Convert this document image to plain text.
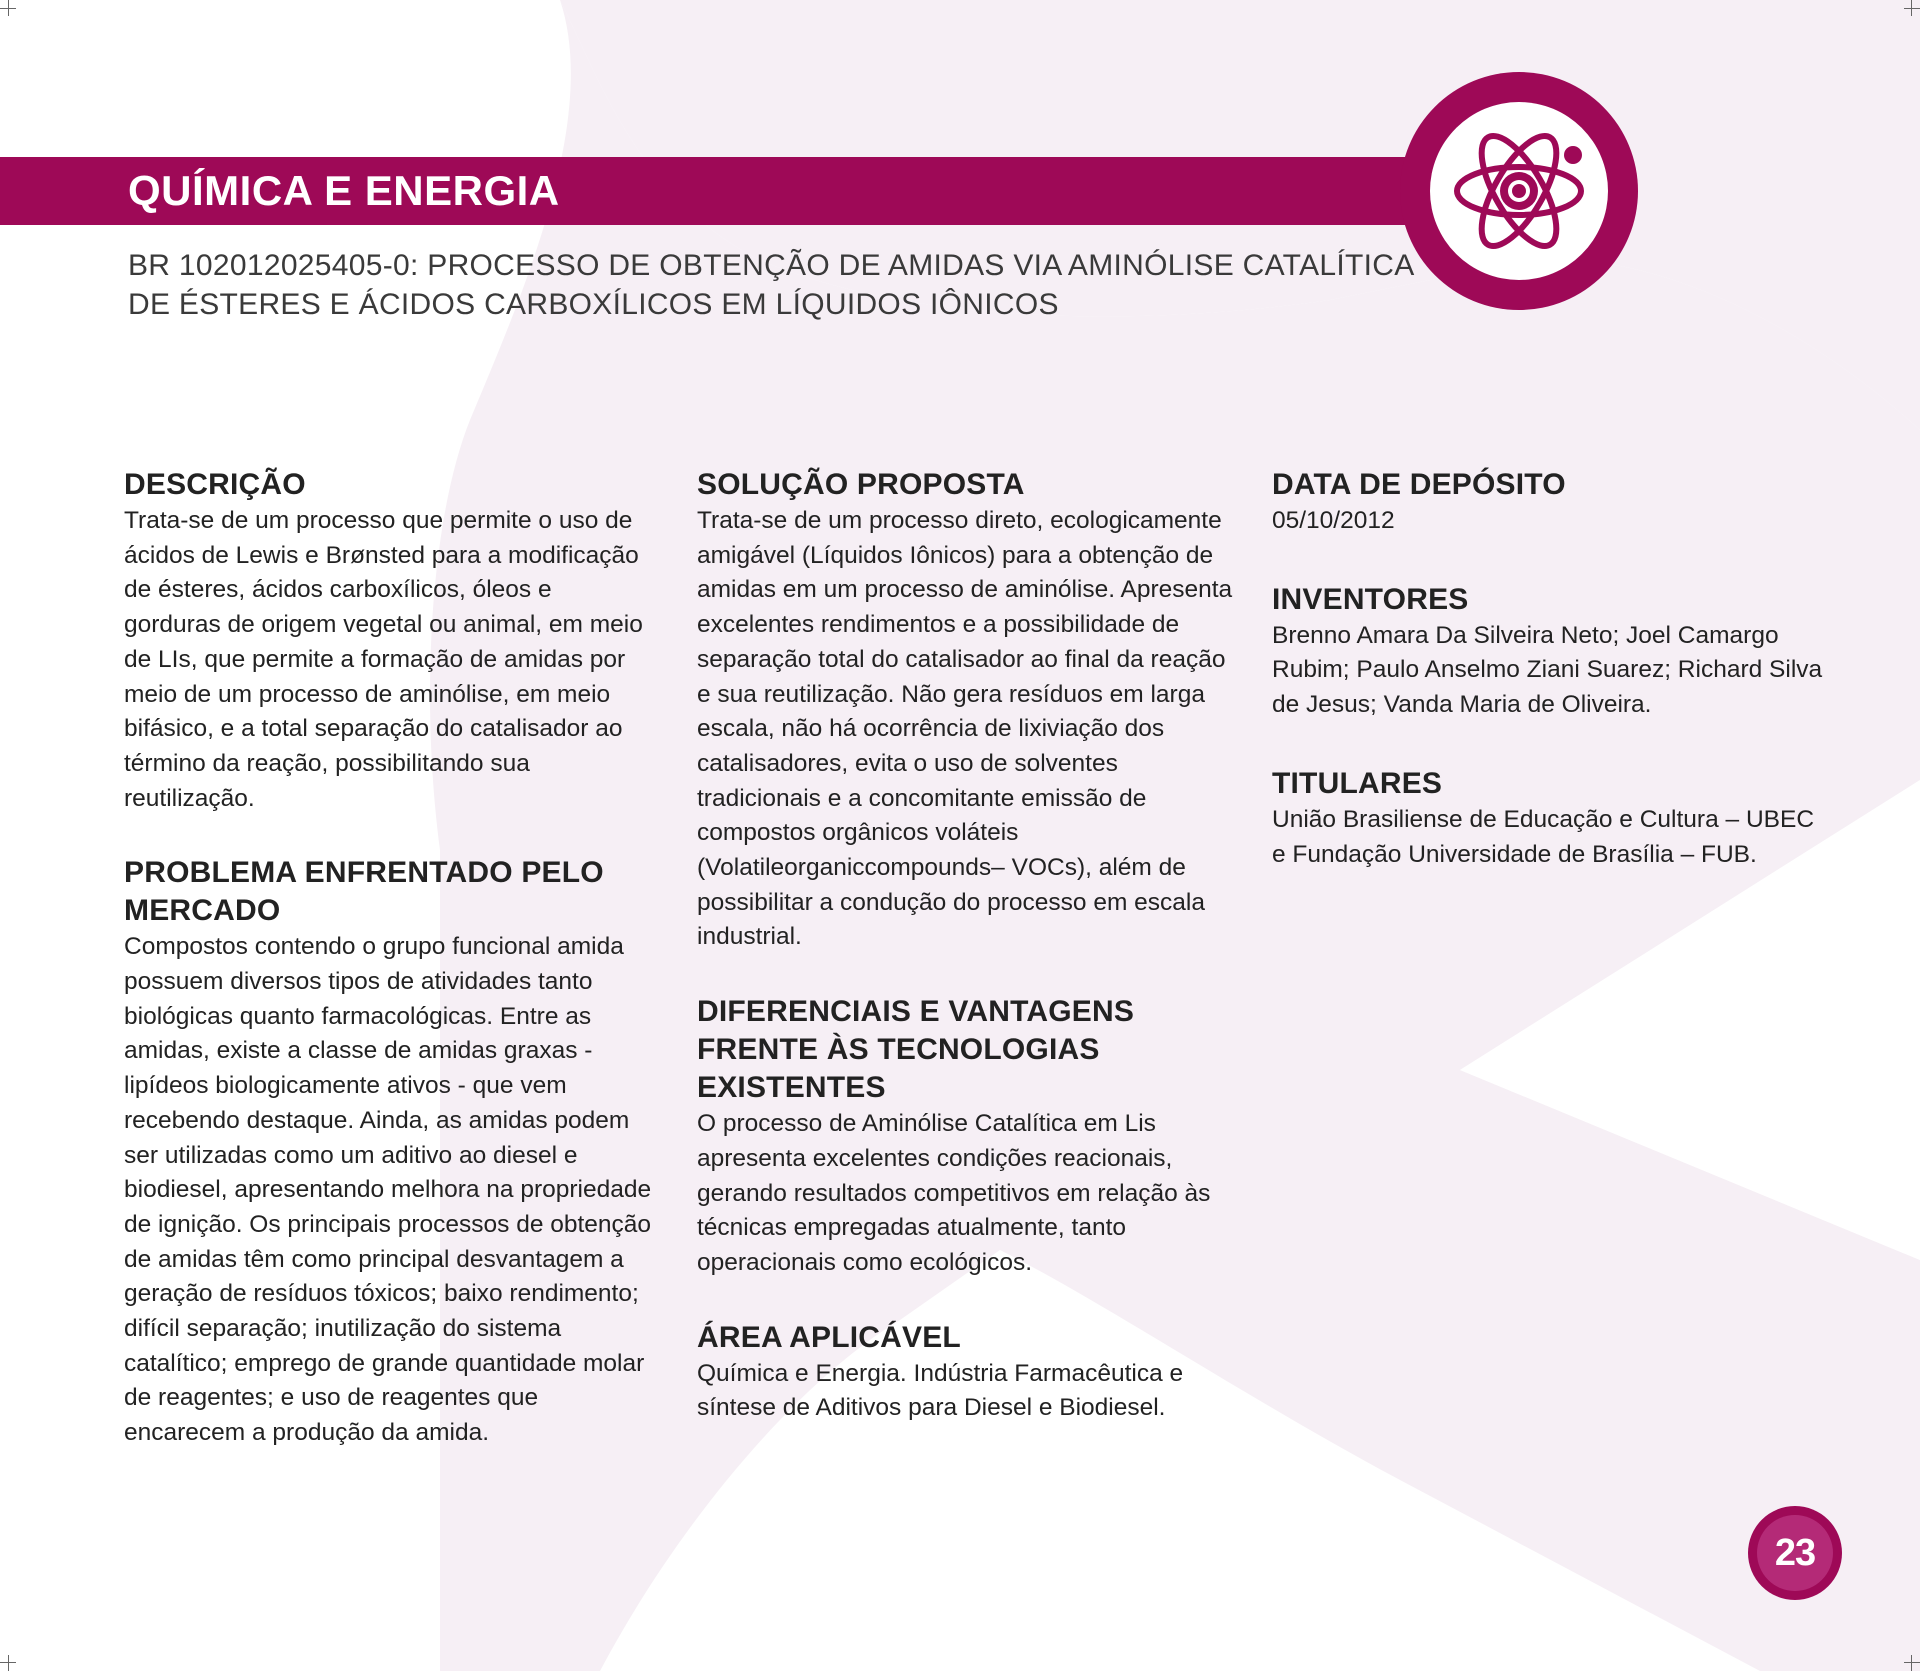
QUÍMICA E ENERGIA
BR 102012025405-0: PROCESSO DE OBTENÇÃO DE AMIDAS VIA AMINÓLISE CATALÍTICA
DE ÉSTERES E ÁCIDOS CARBOXÍLICOS EM LÍQUIDOS IÔNICOS
DESCRIÇÃO

Trata-se de um processo que permite o uso de ácidos de Lewis e Brønsted para a modificação de ésteres, ácidos carboxílicos, óleos e gorduras de origem vegetal ou animal, em meio de LIs, que permite a formação de amidas por meio de um processo de aminólise, em meio bifásico, e a total separação do catalisador ao término da reação, possibilitando sua reutilização.

PROBLEMA ENFRENTADO PELO MERCADO

Compostos contendo o grupo funcional amida possuem diversos tipos de atividades tanto biológicas quanto farmacológicas. Entre as amidas, existe a classe de amidas graxas - lipídeos biologicamente ativos - que vem recebendo destaque. Ainda, as amidas podem ser utilizadas como um aditivo ao diesel e biodiesel, apresentando melhora na propriedade de ignição. Os principais processos de obtenção de amidas têm como principal desvantagem a geração de resíduos tóxicos; baixo rendimento; difícil separação; inutilização do sistema catalítico; emprego de grande quantidade molar de reagentes; e uso de reagentes que encarecem a produção da amida.

SOLUÇÃO PROPOSTA

Trata-se de um processo direto, ecologicamente amigável (Líquidos Iônicos) para a obtenção de amidas em um processo de aminólise. Apresenta excelentes rendimentos e a possibilidade de separação total do catalisador ao final da reação e sua reutilização. Não gera resíduos em larga escala, não há ocorrência de lixiviação dos catalisadores, evita o uso de solventes tradicionais e a concomitante emissão de compostos orgânicos voláteis (Volatileorganiccompounds– VOCs), além de possibilitar a condução do processo em escala industrial.

DIFERENCIAIS E VANTAGENS FRENTE ÀS TECNOLOGIAS EXISTENTES

O processo de Aminólise Catalítica em Lis apresenta excelentes condições reacionais, gerando resultados competitivos em relação às técnicas empregadas atualmente, tanto operacionais como ecológicos.

ÁREA APLICÁVEL

Química e Energia. Indústria Farmacêutica e síntese de Aditivos para Diesel e Biodiesel.

DATA DE DEPÓSITO

05/10/2012

INVENTORES

Brenno Amara Da Silveira Neto; Joel Camargo Rubim; Paulo Anselmo Ziani Suarez; Richard Silva de Jesus; Vanda Maria de Oliveira.

TITULARES

União Brasiliense de Educação e Cultura – UBEC e Fundação Universidade de Brasília – FUB.

23
